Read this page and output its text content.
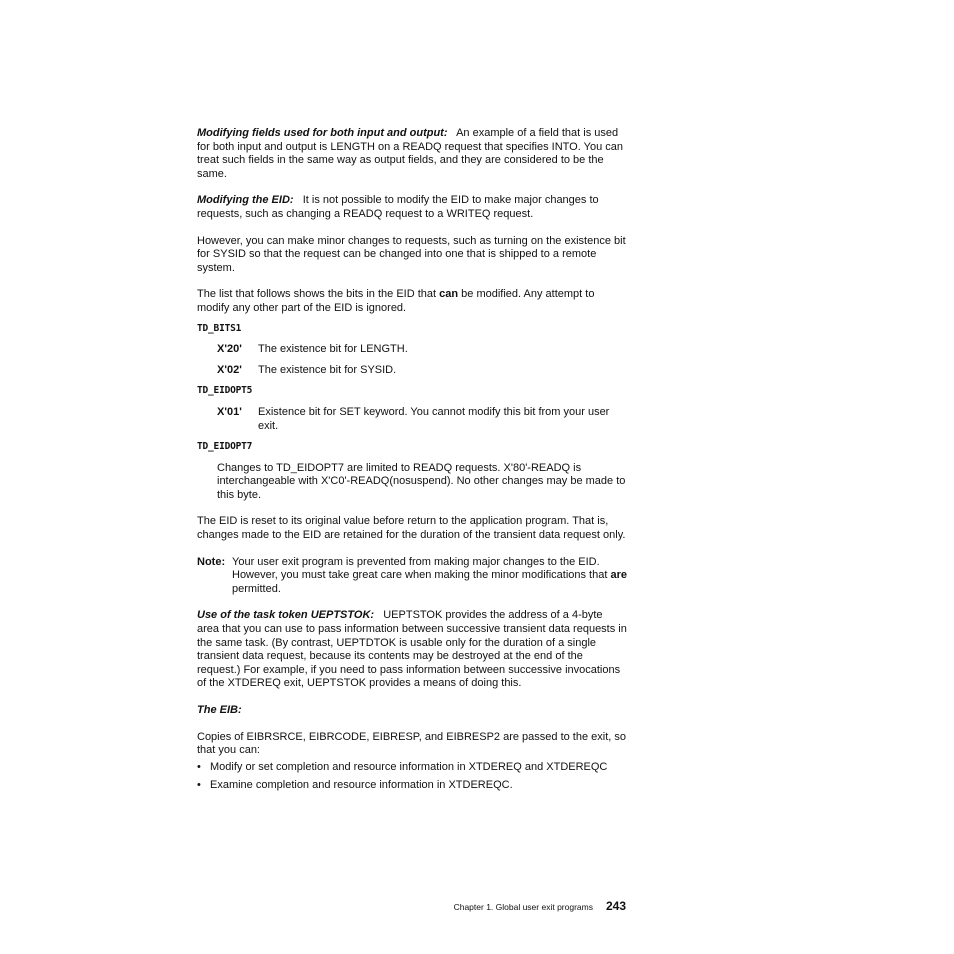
Modifying fields used for both input and output: An example of a field that is used for both input and output is LENGTH on a READQ request that specifies INTO. You can treat such fields in the same way as output fields, and they are considered to be the same.

Modifying the EID: It is not possible to modify the EID to make major changes to requests, such as changing a READQ request to a WRITEQ request.

However, you can make minor changes to requests, such as turning on the existence bit for SYSID so that the request can be changed into one that is shipped to a remote system.

The list that follows shows the bits in the EID that can be modified. Any attempt to modify any other part of the EID is ignored.

TD_BITS1
X'20'	The existence bit for LENGTH.
X'02'	The existence bit for SYSID.
TD_EIDOPT5
X'01'	Existence bit for SET keyword. You cannot modify this bit from your user exit.
TD_EIDOPT7

Changes to TD_EIDOPT7 are limited to READQ requests. X'80'-READQ is interchangeable with X'C0'-READQ(nosuspend). No other changes may be made to this byte.

The EID is reset to its original value before return to the application program. That is, changes made to the EID are retained for the duration of the transient data request only.

Note: Your user exit program is prevented from making major changes to the EID. However, you must take great care when making the minor modifications that are permitted.

Use of the task token UEPTSTOK: UEPTSTOK provides the address of a 4-byte area that you can use to pass information between successive transient data requests in the same task. (By contrast, UEPTDTOK is usable only for the duration of a single transient data request, because its contents may be destroyed at the end of the request.) For example, if you need to pass information between successive invocations of the XTDEREQ exit, UEPTSTOK provides a means of doing this.

The EIB:

Copies of EIBRSRCE, EIBRCODE, EIBRESP, and EIBRESP2 are passed to the exit, so that you can:

• Modify or set completion and resource information in XTDEREQ and XTDEREQC
• Examine completion and resource information in XTDEREQC.
Chapter 1. Global user exit programs 243
